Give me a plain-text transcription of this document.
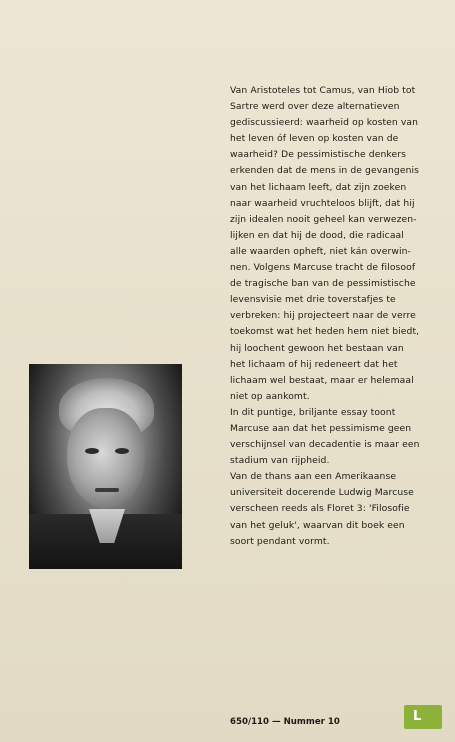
Van Aristoteles tot Camus, van Hiob tot
Sartre werd over deze alternatieven
gediscussieerd: waarheid op kosten van
het leven óf leven op kosten van de
waarheid? De pessimistische denkers
erkenden dat de mens in de gevangenis
van het lichaam leeft, dat zijn zoeken
naar waarheid vruchteloos blijft, dat hij
zijn idealen nooit geheel kan verwezen-
lijken en dat hij de dood, die radicaal
alle waarden opheft, niet kán overwin-
nen. Volgens Marcuse tracht de filosoof
de tragische ban van de pessimistische
levensvisie met drie toverstafjes te
verbreken: hij projecteert naar de verre
toekomst wat het heden hem niet biedt,
hij loochent gewoon het bestaan van
het lichaam of hij redeneert dat het
lichaam wel bestaat, maar er helemaal
niet op aankomt.
In dit puntige, briljante essay toont
Marcuse aan dat het pessimisme geen
verschijnsel van decadentie is maar een
stadium van rijpheid.
Van de thans aan een Amerikaanse
universiteit docerende Ludwig Marcuse
verscheen reeds als Floret 3: 'Filosofie
van het geluk', waarvan dit boek een
soort pendant vormt.

650/110 — Nummer 10	L
